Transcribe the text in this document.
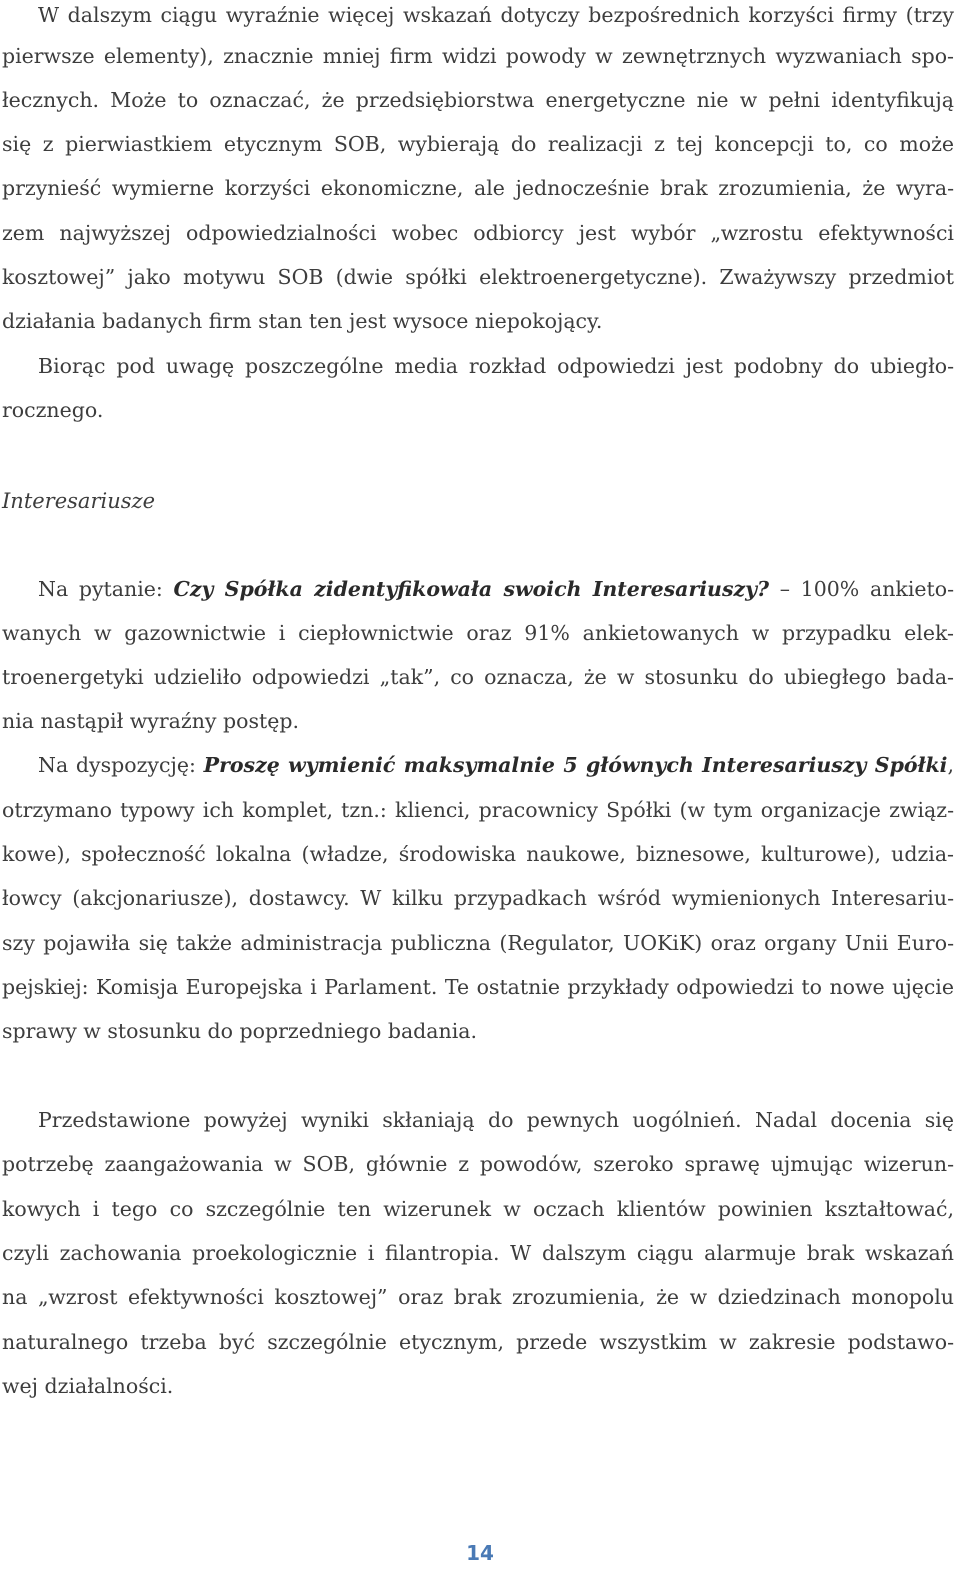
W dalszym ciągu wyraźnie więcej wskazań dotyczy bezpośrednich korzyści firmy (trzy
pierwsze elementy), znacznie mniej firm widzi powody w zewnętrznych wyzwaniach spo-
łecznych. Może to oznaczać, że przedsiębiorstwa energetyczne nie w pełni identyfikują
się z pierwiastkiem etycznym SOB, wybierają do realizacji z tej koncepcji to, co może
przynieść wymierne korzyści ekonomiczne, ale jednocześnie brak zrozumienia, że wyra-
zem najwyższej odpowiedzialności wobec odbiorcy jest wybór „wzrostu efektywności
kosztowej” jako motywu SOB (dwie spółki elektroenergetyczne). Zważywszy przedmiot
działania badanych firm stan ten jest wysoce niepokojący.
Biorąc pod uwagę poszczególne media rozkład odpowiedzi jest podobny do ubiegło-
rocznego.
Interesariusze
Na pytanie: Czy Spółka zidentyfikowała swoich Interesariuszy? – 100% ankieto-
wanych w gazownictwie i ciepłownictwie oraz 91% ankietowanych w przypadku elek-
troenergetyki udzieliło odpowiedzi „tak”, co oznacza, że w stosunku do ubiegłego bada-
nia nastąpił wyraźny postęp.
Na dyspozycję: Proszę wymienić maksymalnie 5 głównych Interesariuszy Spółki,
otrzymano typowy ich komplet, tzn.: klienci, pracownicy Spółki (w tym organizacje związ-
kowe), społeczność lokalna (władze, środowiska naukowe, biznesowe, kulturowe), udzia-
łowcy (akcjonariusze), dostawcy. W kilku przypadkach wśród wymienionych Interesariu-
szy pojawiła się także administracja publiczna (Regulator, UOKiK) oraz organy Unii Euro-
pejskiej: Komisja Europejska i Parlament. Te ostatnie przykłady odpowiedzi to nowe ujęcie
sprawy w stosunku do poprzedniego badania.
Przedstawione powyżej wyniki skłaniają do pewnych uogólnień. Nadal docenia się
potrzebę zaangażowania w SOB, głównie z powodów, szeroko sprawę ujmując wizerun-
kowych i tego co szczególnie ten wizerunek w oczach klientów powinien kształtować,
czyli zachowania proekologicznie i filantropia. W dalszym ciągu alarmuje brak wskazań
na „wzrost efektywności kosztowej” oraz brak zrozumienia, że w dziedzinach monopolu
naturalnego trzeba być szczególnie etycznym, przede wszystkim w zakresie podstawo-
wej działalności.
14
